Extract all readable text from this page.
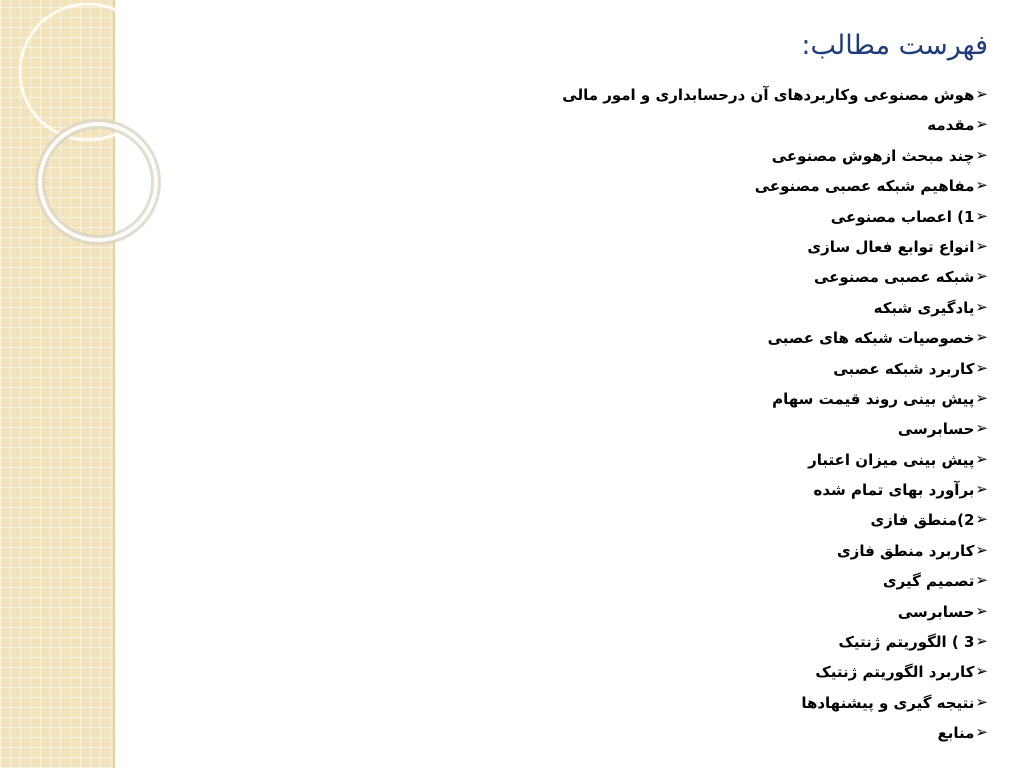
فهرست مطالب:
➢هوش مصنوعی وکاربردهای آن درحسابداری و امور مالی
➢مقدمه
➢چند مبحث ازهوش مصنوعی
➢مفاهیم شبکه عصبی مصنوعی
➢1) اعصاب مصنوعی
➢انواع توابع فعال سازی
➢شبکه عصبی مصنوعی
➢یادگیری شبکه
➢خصوصیات شبکه های عصبی
➢کاربرد شبکه عصبی
➢پیش بینی روند قیمت سهام
➢حسابرسی
➢پیش بینی میزان اعتبار
➢برآورد بهای تمام شده
➢2)منطق فازی
➢کاربرد منطق فازی
➢تصمیم گیری
➢حسابرسی
➢3 ) الگوریتم ژنتیک
➢کاربرد الگوریتم ژنتیک
➢نتیجه گیری و پیشنهادها
➢منابع
